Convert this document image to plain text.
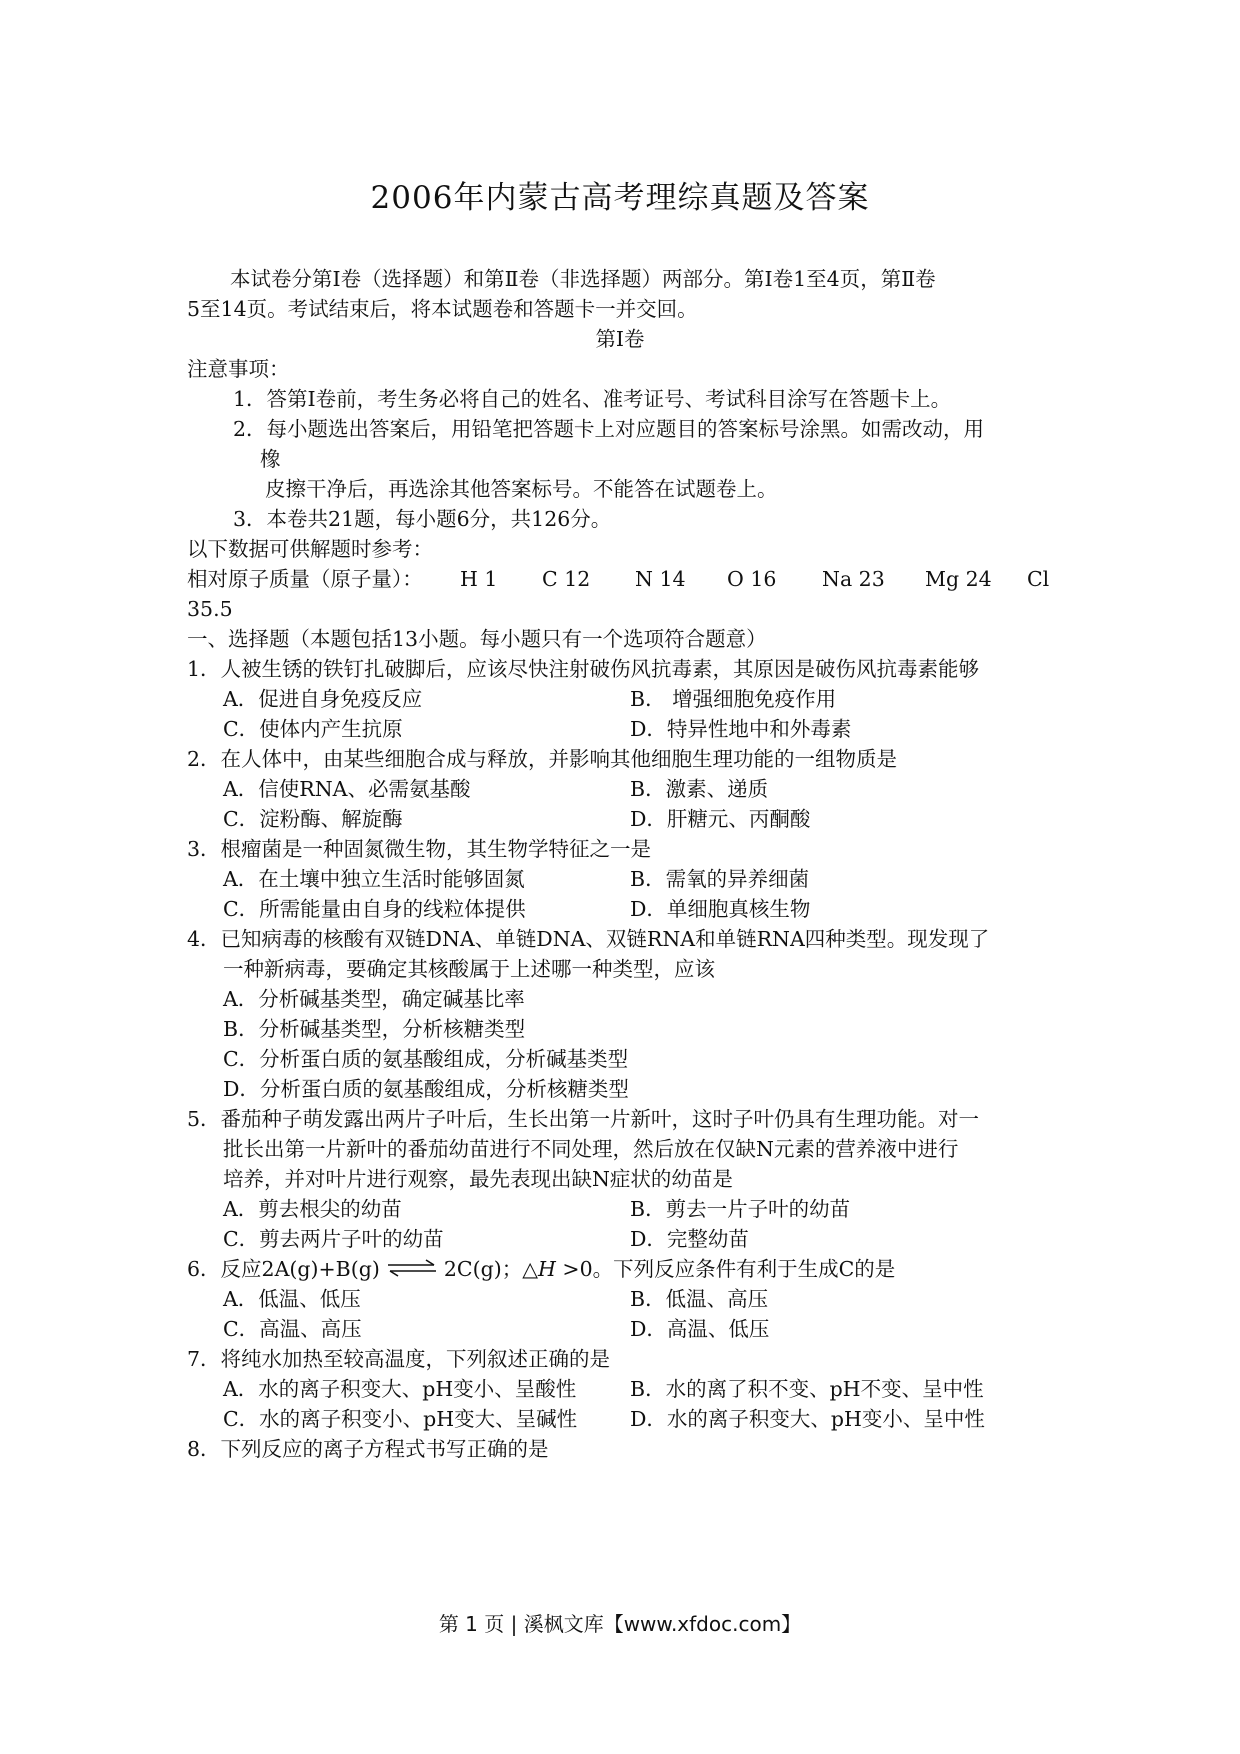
2006年内蒙古高考理综真题及答案
本试卷分第Ⅰ卷（选择题）和第Ⅱ卷（非选择题）两部分。第Ⅰ卷1至4页，第Ⅱ卷
5至14页。考试结束后，将本试题卷和答题卡一并交回。
第Ⅰ卷
注意事项：
1．答第Ⅰ卷前，考生务必将自己的姓名、准考证号、考试科目涂写在答题卡上。
2．每小题选出答案后，用铅笔把答题卡上对应题目的答案标号涂黑。如需改动，用
橡
皮擦干净后，再选涂其他答案标号。不能答在试题卷上。
3．本卷共21题，每小题6分，共126分。
以下数据可供解题时参考：
相对原子质量（原子量）： H 1 C 12 N 14 O 16 Na 23 Mg 24 Cl
35.5
一、选择题（本题包括13小题。每小题只有一个选项符合题意）
1．人被生锈的铁钉扎破脚后，应该尽快注射破伤风抗毒素，其原因是破伤风抗毒素能够
A．促进自身免疫反应	B． 增强细胞免疫作用
C．使体内产生抗原	D．特异性地中和外毒素
2．在人体中，由某些细胞合成与释放，并影响其他细胞生理功能的一组物质是
A．信使RNA、必需氨基酸	B．激素、递质
C．淀粉酶、解旋酶	D．肝糖元、丙酮酸
3．根瘤菌是一种固氮微生物，其生物学特征之一是
A．在土壤中独立生活时能够固氮	B．需氧的异养细菌
C．所需能量由自身的线粒体提供	D．单细胞真核生物
4．已知病毒的核酸有双链DNA、单链DNA、双链RNA和单链RNA四种类型。现发现了
一种新病毒，要确定其核酸属于上述哪一种类型，应该
A．分析碱基类型，确定碱基比率
B．分析碱基类型，分析核糖类型
C．分析蛋白质的氨基酸组成，分析碱基类型
D．分析蛋白质的氨基酸组成，分析核糖类型
5．番茄种子萌发露出两片子叶后，生长出第一片新叶，这时子叶仍具有生理功能。对一
批长出第一片新叶的番茄幼苗进行不同处理，然后放在仅缺N元素的营养液中进行
培养，并对叶片进行观察，最先表现出缺N症状的幼苗是
A．剪去根尖的幼苗	B．剪去一片子叶的幼苗
C．剪去两片子叶的幼苗	D．完整幼苗
6．反应2A(g)+B(g) ⇌ 2C(g)；△H >0。下列反应条件有利于生成C的是
A．低温、低压	B．低温、高压
C．高温、高压	D．高温、低压
7．将纯水加热至较高温度，下列叙述正确的是
A．水的离子积变大、pH变小、呈酸性	B．水的离了积不变、pH不变、呈中性
C．水的离子积变小、pH变大、呈碱性	D．水的离子积变大、pH变小、呈中性
8．下列反应的离子方程式书写正确的是
第 1 页 | 溪枫文库【www.xfdoc.com】
